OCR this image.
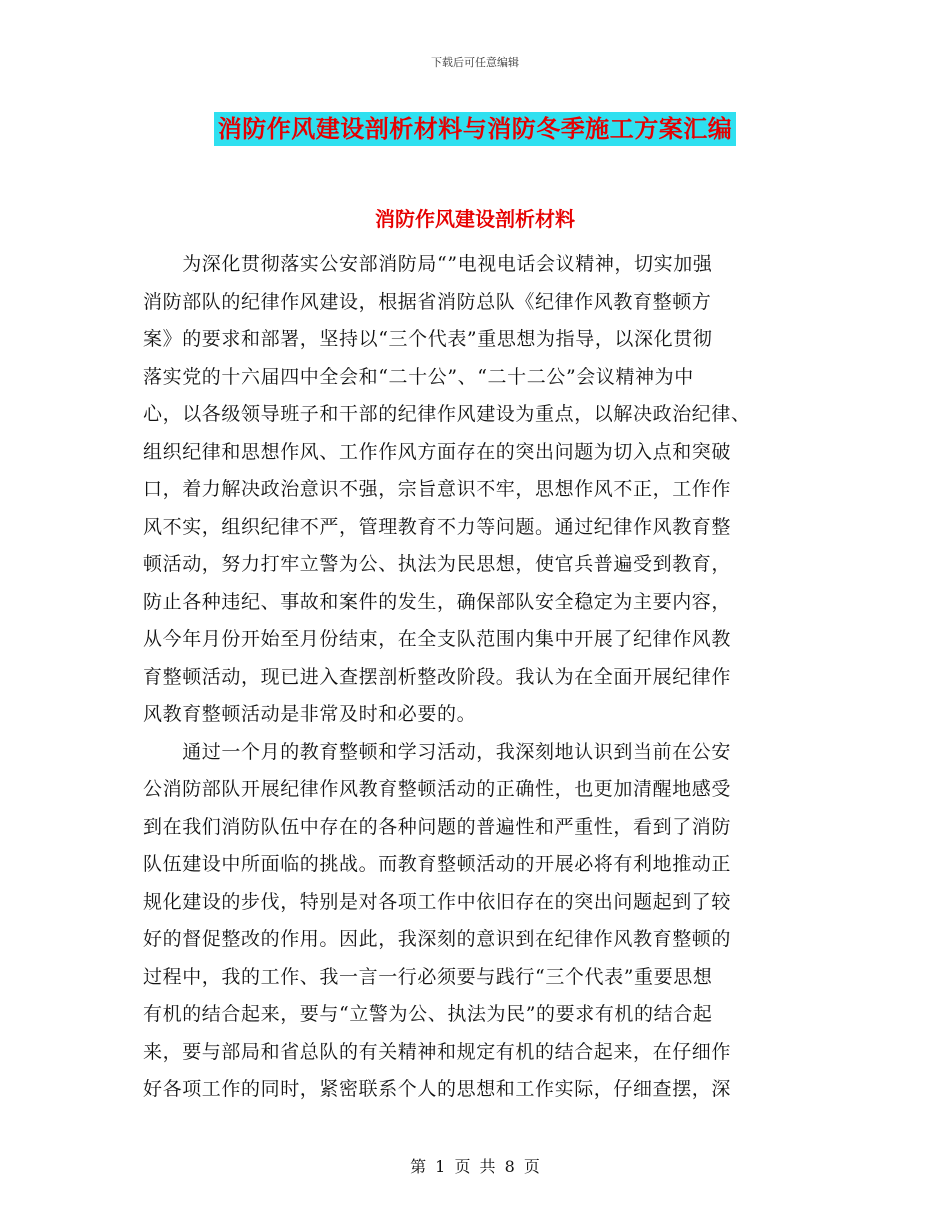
下载后可任意编辑
消防作风建设剖析材料与消防冬季施工方案汇编
消防作风建设剖析材料
　　为深化贯彻落实公安部消防局“”电视电话会议精神，切实加强
消防部队的纪律作风建设，根据省消防总队《纪律作风教育整顿方
案》的要求和部署，坚持以“三个代表”重思想为指导，以深化贯彻
落实党的十六届四中全会和“二十公”、“二十二公”会议精神为中
心，以各级领导班子和干部的纪律作风建设为重点，以解决政治纪律、
组织纪律和思想作风、工作作风方面存在的突出问题为切入点和突破
口，着力解决政治意识不强，宗旨意识不牢，思想作风不正，工作作
风不实，组织纪律不严，管理教育不力等问题。通过纪律作风教育整
顿活动，努力打牢立警为公、执法为民思想，使官兵普遍受到教育，
防止各种违纪、事故和案件的发生，确保部队安全稳定为主要内容，
从今年月份开始至月份结束，在全支队范围内集中开展了纪律作风教
育整顿活动，现已进入查摆剖析整改阶段。我认为在全面开展纪律作
风教育整顿活动是非常及时和必要的。
　　通过一个月的教育整顿和学习活动，我深刻地认识到当前在公安
公消防部队开展纪律作风教育整顿活动的正确性，也更加清醒地感受
到在我们消防队伍中存在的各种问题的普遍性和严重性，看到了消防
队伍建设中所面临的挑战。而教育整顿活动的开展必将有利地推动正
规化建设的步伐，特别是对各项工作中依旧存在的突出问题起到了较
好的督促整改的作用。因此，我深刻的意识到在纪律作风教育整顿的
过程中，我的工作、我一言一行必须要与践行“三个代表”重要思想
有机的结合起来，要与“立警为公、执法为民”的要求有机的结合起
来，要与部局和省总队的有关精神和规定有机的结合起来，在仔细作
好各项工作的同时，紧密联系个人的思想和工作实际，仔细查摆，深
第 1 页 共 8 页
